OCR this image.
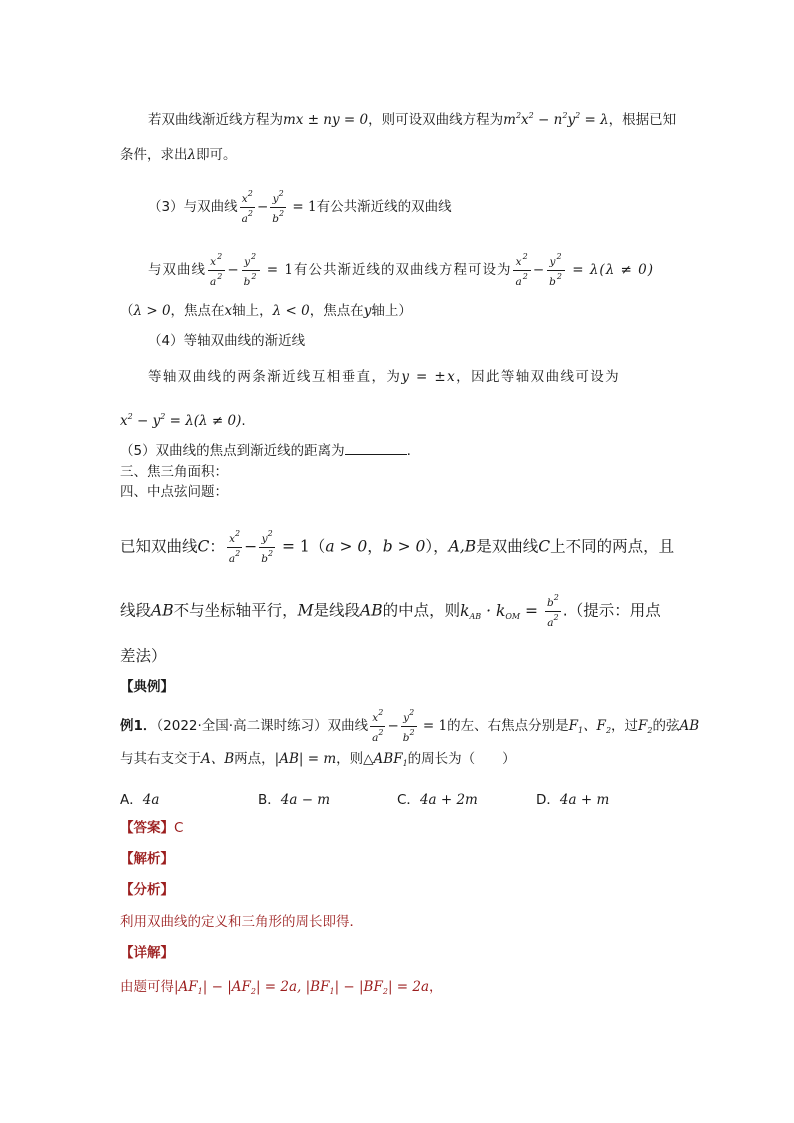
若双曲线渐近线方程为mx ± ny = 0，则可设双曲线方程为$m^2x^2 - n^2y^2 = \lambda$，根据已知
条件，求出λ即可。
（3）与双曲线 $\frac{x^2}{a^2} - \frac{y^2}{b^2} = 1$有公共渐近线的双曲线
与双曲线 $\frac{x^2}{a^2} - \frac{y^2}{b^2} = 1$有公共渐近线的双曲线方程可设为 $\frac{x^2}{a^2} - \frac{y^2}{b^2} = \lambda(\lambda \ne 0)$
（λ > 0，焦点在x轴上，λ < 0，焦点在y轴上）
（4）等轴双曲线的渐近线
等轴双曲线的两条渐近线互相垂直，为y = ±x，因此等轴双曲线可设为
$x^2 - y^2 = \lambda(\lambda \ne 0)$.
（5）双曲线的焦点到渐近线的距离为	.
三、焦三角面积：
四、中点弦问题：
已知双曲线C： $\frac{x^2}{a^2} - \frac{y^2}{b^2} = 1(a > 0$，b > 0），A,B是双曲线C上不同的两点，且
线段AB不与坐标轴平行，M是线段AB的中点，则$k_{AB} \cdot k_{OM} = \frac{b^2}{a^2}$ .（提示：用点
差法）
【典例】
例1．（2022·全国·高二课时练习）双曲线 $\frac{x^2}{a^2} - \frac{y^2}{b^2} = 1$的左、右焦点分别是$F_1$、$F_2$，过$F_2$的弦AB
与其右支交于A、B两点，|AB| = m，则$\triangle ABF_1$的周长为（　　）
A．4a	B．4a − m	C．4a + 2m	D．4a + m
【答案】C
【解析】
【分析】
利用双曲线的定义和三角形的周长即得．
【详解】
由题可得$|AF_1| - |AF_2| = 2a$, $|BF_1| - |BF_2| = 2a$，
